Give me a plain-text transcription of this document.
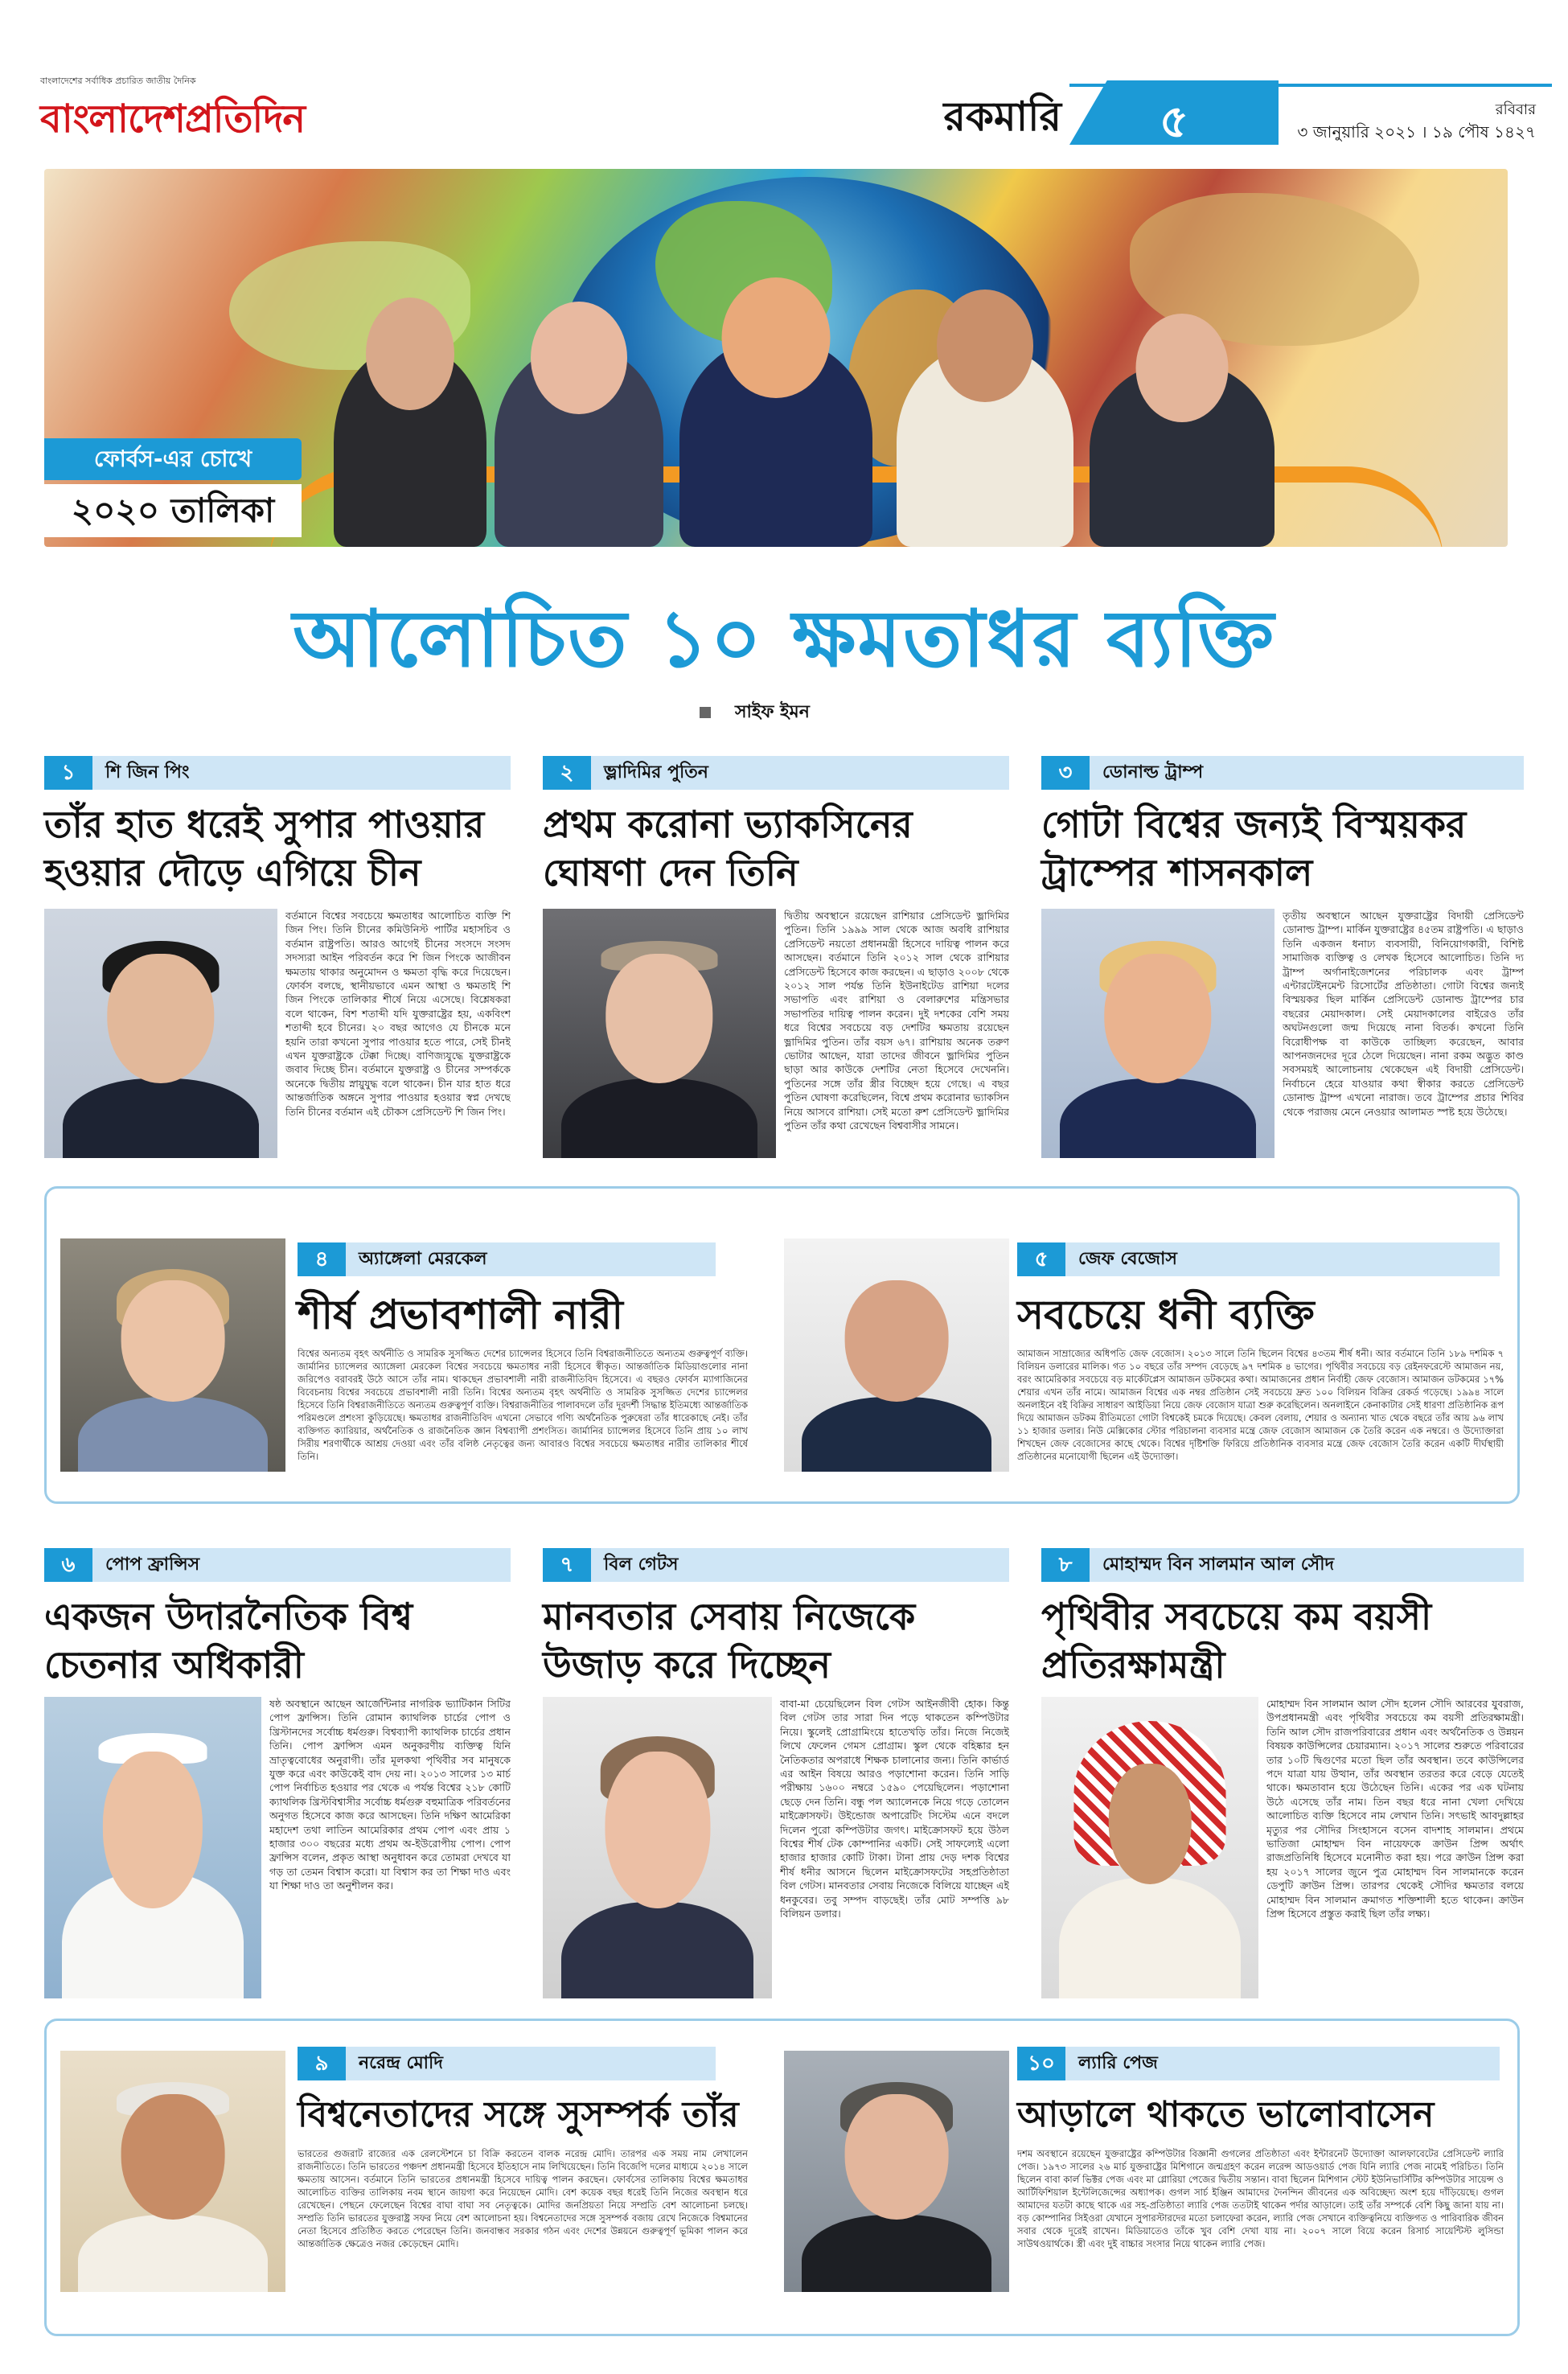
বাংলাদেশের সর্বাধিক প্রচারিত জাতীয় দৈনিক
বাংলাদেশপ্রতিদিন	রকমারি	৫	রবিবার
৩ জানুয়ারি ২০২১ । ১৯ পৌষ ১৪২৭
ফোর্বস-এর চোখে
২০২০ তালিকা
আলোচিত ১০ ক্ষমতাধর ব্যক্তি
সাইফ ইমন
১	শি জিন পিং
তাঁর হাত ধরেই সুপার পাওয়ার হওয়ার দৌড়ে এগিয়ে চীন
বর্তমানে বিশ্বের সবচেয়ে ক্ষমতাধর আলোচিত ব্যক্তি শি জিন পিং। তিনি চীনের কমিউনিস্ট পার্টির মহাসচিব ও বর্তমান রাষ্ট্রপতি। আরও আগেই চীনের সংসদে সংসদ সদস্যরা আইন পরিবর্তন করে শি জিন পিংকে আজীবন ক্ষমতায় থাকার অনুমোদন ও ক্ষমতা বৃদ্ধি করে দিয়েছেন। ফোর্বস বলছে, স্থানীয়ভাবে এমন আস্থা ও ক্ষমতাই শি জিন পিংকে তালিকার শীর্ষে নিয়ে এসেছে। বিশ্লেষকরা বলে থাকেন, বিশ শতাব্দী যদি যুক্তরাষ্ট্রের হয়, একবিংশ শতাব্দী হবে চীনের। ২০ বছর আগেও যে চীনকে মনে হয়নি তারা কখনো সুপার পাওয়ার হতে পারে, সেই চীনই এখন যুক্তরাষ্ট্রকে টেক্কা দিচ্ছে। বাণিজ্যযুদ্ধে যুক্তরাষ্ট্রকে জবাব দিচ্ছে চীন। বর্তমানে যুক্তরাষ্ট্র ও চীনের সম্পর্ককে অনেকে দ্বিতীয় স্নায়ুযুদ্ধ বলে থাকেন। চীন যার হাত ধরে আন্তর্জাতিক অঙ্গনে সুপার পাওয়ার হওয়ার স্বপ্ন দেখছে তিনি চীনের বর্তমান এই চৌকস প্রেসিডেন্ট শি জিন পিং।
২	ভ্লাদিমির পুতিন
প্রথম করোনা ভ্যাকসিনের ঘোষণা দেন তিনি
দ্বিতীয় অবস্থানে রয়েছেন রাশিয়ার প্রেসিডেন্ট ভ্লাদিমির পুতিন। তিনি ১৯৯৯ সাল থেকে আজ অবধি রাশিয়ার প্রেসিডেন্ট নয়তো প্রধানমন্ত্রী হিসেবে দায়িত্ব পালন করে আসছেন। বর্তমানে তিনি ২০১২ সাল থেকে রাশিয়ার প্রেসিডেন্ট হিসেবে কাজ করছেন। এ ছাড়াও ২০০৮ থেকে ২০১২ সাল পর্যন্ত তিনি ইউনাইটেড রাশিয়া দলের সভাপতি এবং রাশিয়া ও বেলারুশের মন্ত্রিসভার সভাপতির দায়িত্ব পালন করেন। দুই দশকের বেশি সময় ধরে বিশ্বের সবচেয়ে বড় দেশটির ক্ষমতায় রয়েছেন ভ্লাদিমির পুতিন। তাঁর বয়স ৬৭। রাশিয়ায় অনেক তরুণ ভোটার আছেন, যারা তাদের জীবনে ভ্লাদিমির পুতিন ছাড়া আর কাউকে দেশটির নেতা হিসেবে দেখেননি। পুতিনের সঙ্গে তাঁর স্ত্রীর বিচ্ছেদ হয়ে গেছে। এ বছর পুতিন ঘোষণা করেছিলেন, বিশ্বে প্রথম করোনার ভ্যাকসিন নিয়ে আসবে রাশিয়া। সেই মতো রুশ প্রেসিডেন্ট ভ্লাদিমির পুতিন তাঁর কথা রেখেছেন বিশ্ববাসীর সামনে।
৩	ডোনাল্ড ট্রাম্প
গোটা বিশ্বের জন্যই বিস্ময়কর ট্রাম্পের শাসনকাল
তৃতীয় অবস্থানে আছেন যুক্তরাষ্ট্রের বিদায়ী প্রেসিডেন্ট ডোনাল্ড ট্রাম্প। মার্কিন যুক্তরাষ্ট্রের ৪৫তম রাষ্ট্রপতি। এ ছাড়াও তিনি একজন ধনাঢ্য ব্যবসায়ী, বিনিয়োগকারী, বিশিষ্ট সামাজিক ব্যক্তিত্ব ও লেখক হিসেবে আলোচিত। তিনি দ্য ট্রাম্প অর্গানাইজেশনের পরিচালক এবং ট্রাম্প এন্টারটেইনমেন্ট রিসোর্টের প্রতিষ্ঠাতা। গোটা বিশ্বের জন্যই বিস্ময়কর ছিল মার্কিন প্রেসিডেন্ট ডোনাল্ড ট্রাম্পের চার বছরের মেয়াদকাল। সেই মেয়াদকালের বাইরেও তাঁর অঘটনগুলো জন্ম দিয়েছে নানা বিতর্ক। কখনো তিনি বিরোধীপক্ষ বা কাউকে তাচ্ছিল্য করেছেন, আবার আপনজনদের দূরে ঠেলে দিয়েছেন। নানা রকম অদ্ভুত কাণ্ড সবসময়ই আলোচনায় থেকেছেন এই বিদায়ী প্রেসিডেন্ট। নির্বাচনে হেরে যাওয়ার কথা স্বীকার করতে প্রেসিডেন্ট ডোনাল্ড ট্রাম্প এখনো নারাজ। তবে ট্রাম্পের প্রচার শিবির থেকে পরাজয় মেনে নেওয়ার আলামত স্পষ্ট হয়ে উঠেছে।
৪	অ্যাঙ্গেলা মেরকেল
শীর্ষ প্রভাবশালী নারী
বিশ্বের অন্যতম বৃহৎ অর্থনীতি ও সামরিক সুসজ্জিত দেশের চ্যান্সেলর হিসেবে তিনি বিশ্বরাজনীতিতে অন্যতম গুরুত্বপূর্ণ ব্যক্তি। জার্মানির চ্যান্সেলর অ্যাঙ্গেলা মেরকেল বিশ্বের সবচেয়ে ক্ষমতাধর নারী হিসেবে স্বীকৃত। আন্তর্জাতিক মিডিয়াগুলোর নানা জরিপেও বরাবরই উঠে আসে তাঁর নাম। থাকছেন প্রভাবশালী নারী রাজনীতিবিদ হিসেবে। এ বছরও ফোর্বস ম্যাগাজিনের বিবেচনায় বিশ্বের সবচেয়ে প্রভাবশালী নারী তিনি। বিশ্বের অন্যতম বৃহৎ অর্থনীতি ও সামরিক সুসজ্জিত দেশের চ্যান্সেলর হিসেবে তিনি বিশ্বরাজনীতিতে অন্যতম গুরুত্বপূর্ণ ব্যক্তি। বিশ্বরাজনীতির পালাবদলে তাঁর দূরদর্শী সিদ্ধান্ত ইতিমধ্যে আন্তর্জাতিক পরিমণ্ডলে প্রশংসা কুড়িয়েছে। ক্ষমতাধর রাজনীতিবিদ এখনো সেভাবে গণ্যি অর্থনৈতিক পুরুষেরা তাঁর ধারেকাছে নেই। তাঁর ব্যক্তিগত ক্যারিয়ার, অর্থনৈতিক ও রাজনৈতিক জ্ঞান বিশ্বব্যাপী প্রশংসিত। জার্মানির চ্যান্সেলর হিসেবে তিনি প্রায় ১০ লাখ সিরীয় শরণার্থীকে আশ্রয় দেওয়া এবং তাঁর বলিষ্ঠ নেতৃত্বের জন্য আবারও বিশ্বের সবচেয়ে ক্ষমতাধর নারীর তালিকার শীর্ষে তিনি।
৫	জেফ বেজোস
সবচেয়ে ধনী ব্যক্তি
আমাজন সাম্রাজ্যের অধিপতি জেফ বেজোস। ২০১৩ সালে তিনি ছিলেন বিশ্বের ৪৩তম শীর্ষ ধনী। আর বর্তমানে তিনি ১৮৯ দশমিক ৭ বিলিয়ন ডলারের মালিক। গত ১০ বছরে তাঁর সম্পদ বেড়েছে ৯৭ দশমিক ৪ ভাগের। পৃথিবীর সবচেয়ে বড় রেইনফরেস্টে আমাজন নয়, বরং আমেরিকার সবচেয়ে বড় মার্কেটপ্লেস আমাজন ডটকমের কথা। আমাজনের প্রধান নির্বাহী জেফ বেজোস। আমাজন ডটকমের ১৭% শেয়ার এখন তাঁর নামে। আমাজন বিশ্বের এক নম্বর প্রতিষ্ঠান সেই সবচেয়ে দ্রুত ১০০ বিলিয়ন বিক্রির রেকর্ড গড়েছে। ১৯৯৪ সালে অনলাইনে বই বিক্রির সাধারণ আইডিয়া নিয়ে জেফ বেজোস যাত্রা শুরু করেছিলেন। অনলাইনে কেনাকাটার সেই ধারণা প্রতিষ্ঠানিক রূপ দিয়ে আমাজন ডটকম রীতিমতো গোটা বিশ্বকেই চমকে দিয়েছে। কেবল বেলায়, শেয়ার ও অন্যান্য খাত থেকে বছরে তাঁর আয় ৯৬ লাখ ১১ হাজার ডলার। নিউ মেক্সিকোর স্টোর পরিচালনা ব্যবসার মন্ত্রে জেফ বেজোস আমাজন কে তৈরি করেন এক নম্বরে। ও উদ্যোক্তারা শিখছেন জেফ বেজোসের কাছে থেকে। বিশ্বের দৃষ্টিশক্তি ফিরিয়ে প্রতিষ্ঠানিক ব্যবসার মন্ত্রে জেফ বেজোস তৈরি করেন একটি দীর্ঘস্থায়ী প্রতিষ্ঠানের মনোযোগী ছিলেন এই উদ্যোক্তা।
৬	পোপ ফ্রান্সিস
একজন উদারনৈতিক বিশ্ব চেতনার অধিকারী
ষষ্ঠ অবস্থানে আছেন আর্জেন্টিনার নাগরিক ভ্যাটিকান সিটির পোপ ফ্রান্সিস। তিনি রোমান ক্যাথলিক চার্চের পোপ ও খ্রিস্টানদের সর্বোচ্চ ধর্মগুরু। বিশ্বব্যাপী ক্যাথলিক চার্চের প্রধান তিনি। পোপ ফ্রান্সিস এমন অনুকরণীয় ব্যক্তিত্ব যিনি ভ্রাতৃত্ববোধের অনুরাগী। তাঁর মূলকথা পৃথিবীর সব মানুষকে যুক্ত করে এবং কাউকেই বাদ দেয় না। ২০১৩ সালের ১৩ মার্চ পোপ নির্বাচিত হওয়ার পর থেকে এ পর্যন্ত বিশ্বের ২১৮ কোটি ক্যাথলিক খ্রিস্টবিশ্বাসীর সর্বোচ্চ ধর্মগুরু বহুমাত্রিক পরিবর্তনের অনুগত হিসেবে কাজ করে আসছেন। তিনি দক্ষিণ আমেরিকা মহাদেশ তথা লাতিন আমেরিকার প্রথম পোপ এবং প্রায় ১ হাজার ৩০০ বছরের মধ্যে প্রথম অ-ইউরোপীয় পোপ। পোপ ফ্রান্সিস বলেন, প্রকৃত আস্থা অনুধাবন করে তোমরা দেখবে যা গড় তা তেমন বিশ্বাস করো। যা বিশ্বাস কর তা শিক্ষা দাও এবং যা শিক্ষা দাও তা অনুশীলন কর।
৭	বিল গেটস
মানবতার সেবায় নিজেকে উজাড় করে দিচ্ছেন
বাবা-মা চেয়েছিলেন বিল গেটস আইনজীবী হোক। কিন্তু বিল গেটস তার সারা দিন পড়ে থাকতেন কম্পিউটার নিয়ে। স্কুলেই প্রোগ্রামিংয়ে হাতেখড়ি তাঁর। নিজে নিজেই লিখে ফেলেন গেমস প্রোগ্রাম। স্কুল থেকে বহিষ্কার হন নৈতিকতার অপরাধে শিক্ষক চালানোর জন্য। তিনি কার্ভার্ড এর আইন বিষয়ে আরও পড়াশোনা করেন। তিনি সাড়ি পরীক্ষায় ১৬০০ নম্বরে ১৫৯০ পেয়েছিলেন। পড়াশোনা ছেড়ে দেন তিনি। বন্ধু পল অ্যালেনকে নিয়ে গড়ে তোলেন মাইক্রোসফট। উইন্ডোজ অপারেটিং সিস্টেম এনে বদলে দিলেন পুরো কম্পিউটার জগৎ। মাইক্রোসফট হয়ে উঠল বিশ্বের শীর্ষ টেক কোম্পানির একটি। সেই সাফল্যেই এলো হাজার হাজার কোটি টাকা। টানা প্রায় দেড় দশক বিশ্বের শীর্ষ ধনীর আসনে ছিলেন মাইক্রোসফটের সহপ্রতিষ্ঠাতা বিল গেটস। মানবতার সেবায় নিজেকে বিলিয়ে যাচ্ছেন এই ধনকুবের। তবু সম্পদ বাড়ছেই। তাঁর মোট সম্পত্তি ৯৮ বিলিয়ন ডলার।
৮	মোহাম্মদ বিন সালমান আল সৌদ
পৃথিবীর সবচেয়ে কম বয়সী প্রতিরক্ষামন্ত্রী
মোহাম্মদ বিন সালমান আল সৌদ হলেন সৌদি আরবের যুবরাজ, উপপ্রধানমন্ত্রী এবং পৃথিবীর সবচেয়ে কম বয়সী প্রতিরক্ষামন্ত্রী। তিনি আল সৌদ রাজপরিবারের প্রধান এবং অর্থনৈতিক ও উন্নয়ন বিষয়ক কাউন্সিলের চেয়ারম্যান। ২০১৭ সালের শুরুতে পরিবারের তার ১০টি দ্বিগুণের মতো ছিল তাঁর অবস্থান। তবে কাউন্সিলের পদে যাত্রা যায় উত্থান, তাঁর অবস্থান তরতর করে বেড়ে যেতেই থাকে। ক্ষমতাবান হয়ে উঠেছেন তিনি। একের পর এক ঘটনায় উঠে এসেছে তাঁর নাম। তিন বছর ধরে নানা খেলা দেখিয়ে আলোচিত ব্যক্তি হিসেবে নাম লেখান তিনি। সৎভাই আবদুল্লাহর মৃত্যুর পর সৌদির সিংহাসনে বসেন বাদশাহ সালমান। প্রথমে ভাতিজা মোহাম্মদ বিন নায়েফকে ক্রাউন প্রিন্স অর্থাৎ রাজপ্রতিনিধি হিসেবে মনোনীত করা হয়। পরে ক্রাউন প্রিন্স করা হয় ২০১৭ সালের জুনে পুত্র মোহাম্মদ বিন সালমানকে করেন ডেপুটি ক্রাউন প্রিন্স। তারপর থেকেই সৌদির ক্ষমতার বলয়ে মোহাম্মদ বিন সালমান ক্রমাগত শক্তিশালী হতে থাকেন। ক্রাউন প্রিন্স হিসেবে প্রস্তুত করাই ছিল তাঁর লক্ষ্য।
৯	নরেন্দ্র মোদি
বিশ্বনেতাদের সঙ্গে সুসম্পর্ক তাঁর
ভারতের গুজরাট রাজ্যের এক রেলস্টেশনে চা বিক্রি করতেন বালক নরেন্দ্র মোদি। তারপর এক সময় নাম লেখালেন রাজনীতিতে। তিনি ভারতের পঞ্চদশ প্রধানমন্ত্রী হিসেবে ইতিহাসে নাম লিখিয়েছেন। তিনি বিজেপি দলের মাধ্যমে ২০১৪ সালে ক্ষমতায় আসেন। বর্তমানে তিনি ভারতের প্রধানমন্ত্রী হিসেবে দায়িত্ব পালন করছেন। ফোর্বসের তালিকায় বিশ্বের ক্ষমতাধর আলোচিত ব্যক্তির তালিকায় নবম স্থানে জায়গা করে নিয়েছেন মোদি। বেশ কয়েক বছর ধরেই তিনি নিজের অবস্থান ধরে রেখেছেন। পেছনে ফেলেছেন বিশ্বের বাঘা বাঘা সব নেতৃত্বকে। মোদির জনপ্রিয়তা নিয়ে সম্প্রতি বেশ আলোচনা চলছে। সম্প্রতি তিনি ভারতের যুক্তরাষ্ট্র সফর নিয়ে বেশ আলোচনা হয়। বিশ্বনেতাদের সঙ্গে সুসম্পর্ক বজায় রেখে নিজেকে বিশ্বমানের নেতা হিসেবে প্রতিষ্ঠিত করতে পেরেছেন তিনি। জনবান্ধব সরকার গঠন এবং দেশের উন্নয়নে গুরুত্বপূর্ণ ভূমিকা পালন করে আন্তর্জাতিক ক্ষেত্রেও নজর কেড়েছেন মোদি।
১০	ল্যারি পেজ
আড়ালে থাকতে ভালোবাসেন
দশম অবস্থানে রয়েছেন যুক্তরাষ্ট্রের কম্পিউটার বিজ্ঞানী গুগলের প্রতিষ্ঠাতা এবং ইন্টারনেট উদ্যোক্তা আলফাবেটের প্রেসিডেন্ট ল্যারি পেজ। ১৯৭৩ সালের ২৬ মার্চ যুক্তরাষ্ট্রের মিশিগানে জন্মগ্রহণ করেন লরেন্স আডওয়ার্ড পেজ যিনি ল্যারি পেজ নামেই পরিচিত। তিনি ছিলেন বাবা কার্ল ভিক্টর পেজ এবং মা গ্লোরিয়া পেজের দ্বিতীয় সন্তান। বাবা ছিলেন মিশিগান স্টেট ইউনিভার্সিটির কম্পিউটার সায়েন্স ও আর্টিফিশিয়াল ইন্টেলিজেন্সের অধ্যাপক। গুগল সার্চ ইঞ্জিন আমাদের দৈনন্দিন জীবনের এক অবিচ্ছেদ্য অংশ হয়ে দাঁড়িয়েছে। গুগল আমাদের যতটা কাছে থাকে এর সহ-প্রতিষ্ঠাতা ল্যারি পেজ ততটাই থাকেন পর্দার আড়ালে। তাই তাঁর সম্পর্কে বেশি কিছু জানা যায় না। বড় কোম্পানির সিইওরা যেখানে সুপারস্টারদের মতো চলাফেরা করেন, ল্যারি পেজ সেখানে ব্যক্তিত্বনিয়ে ব্যক্তিগত ও পারিবারিক জীবন সবার থেকে দূরেই রাখেন। মিডিয়াতেও তাঁকে খুব বেশি দেখা যায় না। ২০০৭ সালে বিয়ে করেন রিসার্চ সায়েন্টিস্ট লুসিন্ডা সাউথওয়ার্থকে। স্ত্রী এবং দুই বাচ্চার সংসার নিয়ে থাকেন ল্যারি পেজ।
